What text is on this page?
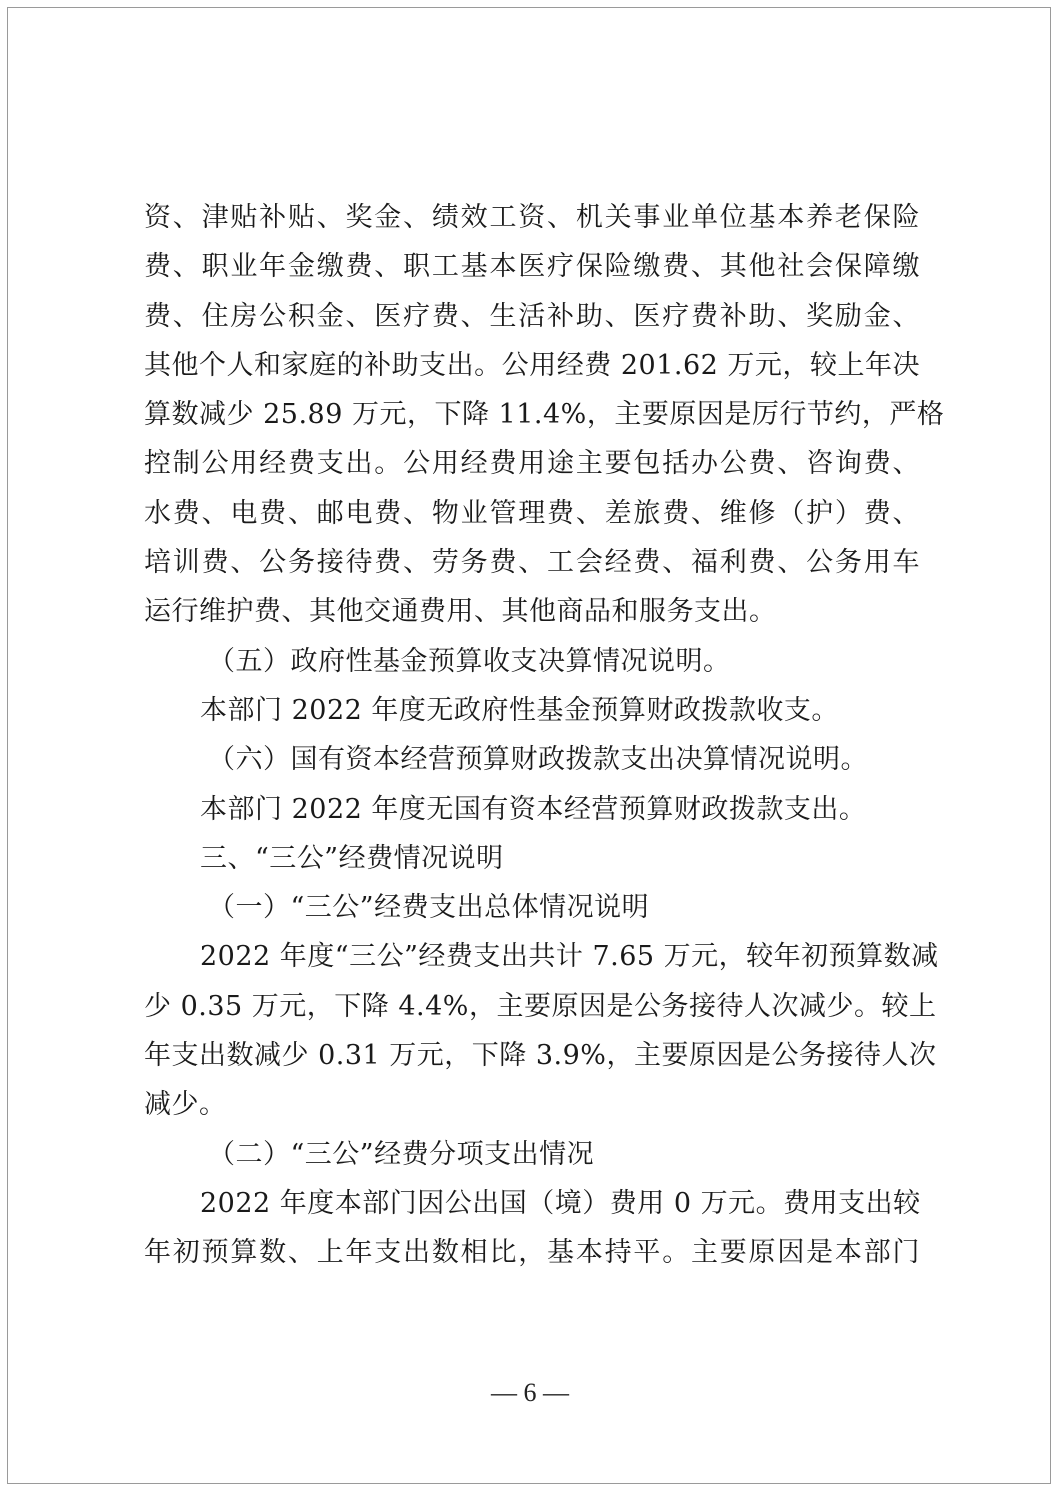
资、津贴补贴、奖金、绩效工资、机关事业单位基本养老保险
费、职业年金缴费、职工基本医疗保险缴费、其他社会保障缴
费、住房公积金、医疗费、生活补助、医疗费补助、奖励金、
其他个人和家庭的补助支出。公用经费 201.62 万元，较上年决
算数减少 25.89 万元，下降 11.4%，主要原因是厉行节约，严格
控制公用经费支出。公用经费用途主要包括办公费、咨询费、
水费、电费、邮电费、物业管理费、差旅费、维修（护）费、
培训费、公务接待费、劳务费、工会经费、福利费、公务用车
运行维护费、其他交通费用、其他商品和服务支出。
（五）政府性基金预算收支决算情况说明。
本部门 2022 年度无政府性基金预算财政拨款收支。
（六）国有资本经营预算财政拨款支出决算情况说明。
本部门 2022 年度无国有资本经营预算财政拨款支出。
三、“三公”经费情况说明
（一）“三公”经费支出总体情况说明
2022 年度“三公”经费支出共计 7.65 万元，较年初预算数减
少 0.35 万元，下降 4.4%，主要原因是公务接待人次减少。较上
年支出数减少 0.31 万元，下降 3.9%，主要原因是公务接待人次
减少。
（二）“三公”经费分项支出情况
2022 年度本部门因公出国（境）费用 0 万元。费用支出较
年初预算数、上年支出数相比，基本持平。主要原因是本部门
— 6 —
